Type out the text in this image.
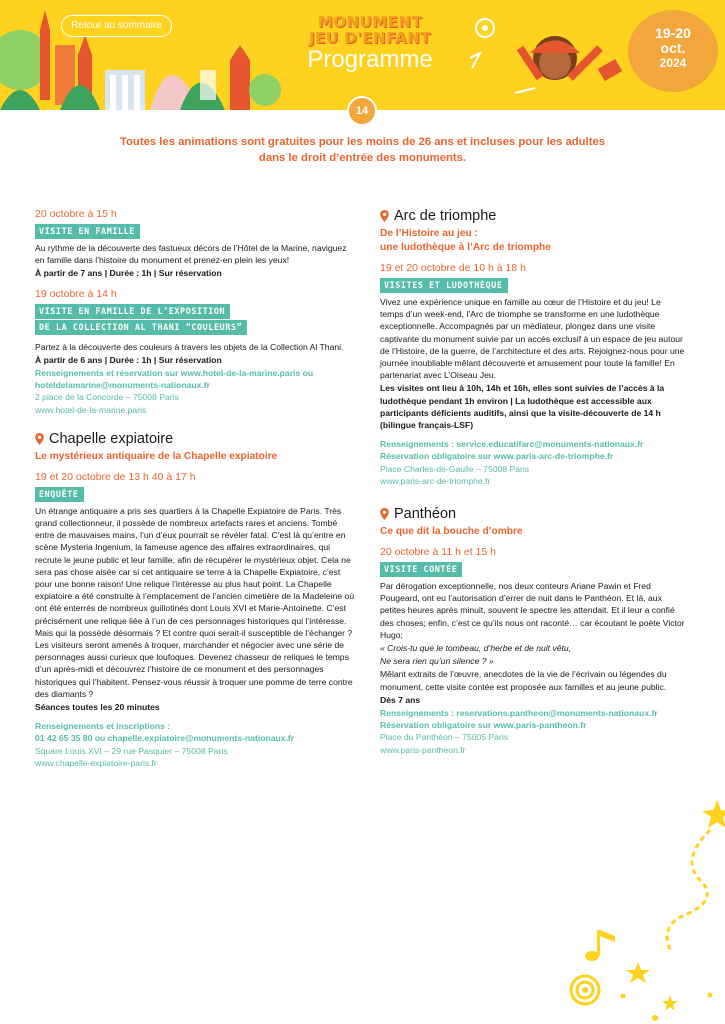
Retour au sommaire	MONUMENT
JEU D'ENFANT
Programme
19-20
oct.
2024
14
Toutes les animations sont gratuites pour les moins de 26 ans et incluses pour les adultes dans le droit d’entrée des monuments.
20 octobre à 15 h
VISITE EN FAMILLE

Au rythme de la découverte des fastueux décors de l’Hôtel de la Marine, naviguez en famille dans l’histoire du monument et prenez-en plein les yeux!

À partir de 7 ans | Durée : 1h | Sur réservation

19 octobre à 14 h
VISITE EN FAMILLE DE L’EXPOSITION
DE LA COLLECTION AL THANI “COULEURS”

Partez à la découverte des couleurs à travers les objets de la Collection Al Thani.

À partir de 6 ans | Durée : 1h | Sur réservation

Renseignements et réservation sur www.hotel-de-la-marine.paris ou hoteldelamarine@monuments-nationaux.fr

2 place de la Concorde – 75008 Paris

www.hotel-de-la-marine.paris

Chapelle expiatoire
Le mystérieux antiquaire de la Chapelle expiatoire
19 et 20 octobre de 13 h 40 à 17 h
ENQUÊTE

Un étrange antiquaire a pris ses quartiers à la Chapelle Expiatoire de Paris. Très grand collectionneur, il possède de nombreux artefacts rares et anciens. Tombé entre de mauvaises mains, l’un d’eux pourrait se révéler fatal. C’est là qu’entre en scène Mysteria Ingenium, la fameuse agence des affaires extraordinaires, qui recrute le jeune public et leur famille, afin de récupérer le mystérieux objet. Cela ne sera pas chose aisée car si cet antiquaire se terre à la Chapelle Expiatoire, c’est pour une bonne raison! Une relique l’intéresse au plus haut point. La Chapelle expiatoire a été construite à l’emplacement de l’ancien cimetière de la Madeleine où ont été enterrés de nombreux guillotinés dont Louis XVI et Marie-Antoinette. C’est précisément une relique liée à l’un de ces personnages historiques qui l’intéresse. Mais qui la possède désormais ? Et contre quoi serait-il susceptible de l’échanger ? Les visiteurs seront amenés à troquer, marchander et négocier avec une série de personnages aussi curieux que loufoques. Devenez chasseur de reliques le temps d’un après-midi et découvrez l’histoire de ce monument et des personnages historiques qui l’habitent. Pensez-vous réussir à troquer une pomme de terre contre des diamants ?

Séances toutes les 20 minutes

Renseignements et inscriptions :

01 42 65 35 80 ou chapelle.expiatoire@monuments-nationaux.fr

Square Louis XVI – 29 rue Pasquier – 75008 Paris

www.chapelle-expiatoire-paris.fr

Arc de triomphe
De l’Histoire au jeu :
une ludothèque à l’Arc de triomphe
19 et 20 octobre de 10 h à 18 h
VISITES ET LUDOTHÈQUE

Vivez une expérience unique en famille au cœur de l’Histoire et du jeu! Le temps d’un week-end, l’Arc de triomphe se transforme en une ludothèque exceptionnelle. Accompagnés par un médiateur, plongez dans une visite captivante du monument suivie par un accès exclusif à un espace de jeu autour de l’Histoire, de la guerre, de l’architecture et des arts. Rejoignez-nous pour une journée inoubliable mêlant découverte et amusement pour toute la famille! En partenariat avec L’Oiseau Jeu.

Les visites ont lieu à 10h, 14h et 16h, elles sont suivies de l’accès à la ludothèque pendant 1h environ | La ludothèque est accessible aux participants déficients auditifs, ainsi que la visite-découverte de 14 h (bilingue français-LSF)

Renseignements : service.educatifarc@monuments-nationaux.fr

Réservation obligatoire sur www.paris-arc-de-triomphe.fr

Place Charles-de-Gaulle – 75008 Paris

www.paris-arc-de-triomphe.fr

Panthéon
Ce que dit la bouche d’ombre
20 octobre à 11 h et 15 h
VISITE CONTÉE

Par dérogation exceptionnelle, nos deux conteurs Ariane Pawin et Fred Pougeard, ont eu l’autorisation d’errer de nuit dans le Panthéon. Et là, aux petites heures après minuit, souvent le spectre les attendait. Et il leur a confié des choses; enfin, c’est ce qu’ils nous ont raconté… car écoutant le poète Victor Hugo;

« Crois-tu que le tombeau, d’herbe et de nuit vêtu,

Ne sera rien qu’un silence ? »

Mêlant extraits de l’œuvre, anecdotes de la vie de l’écrivain ou légendes du monument, cette visite contée est proposée aux familles et au jeune public.

Dès 7 ans

Renseignements : reservations.pantheon@monuments-nationaux.fr

Réservation obligatoire sur www.paris-pantheon.fr

Place du Panthéon – 75005 Paris

www.paris-pantheon.fr
